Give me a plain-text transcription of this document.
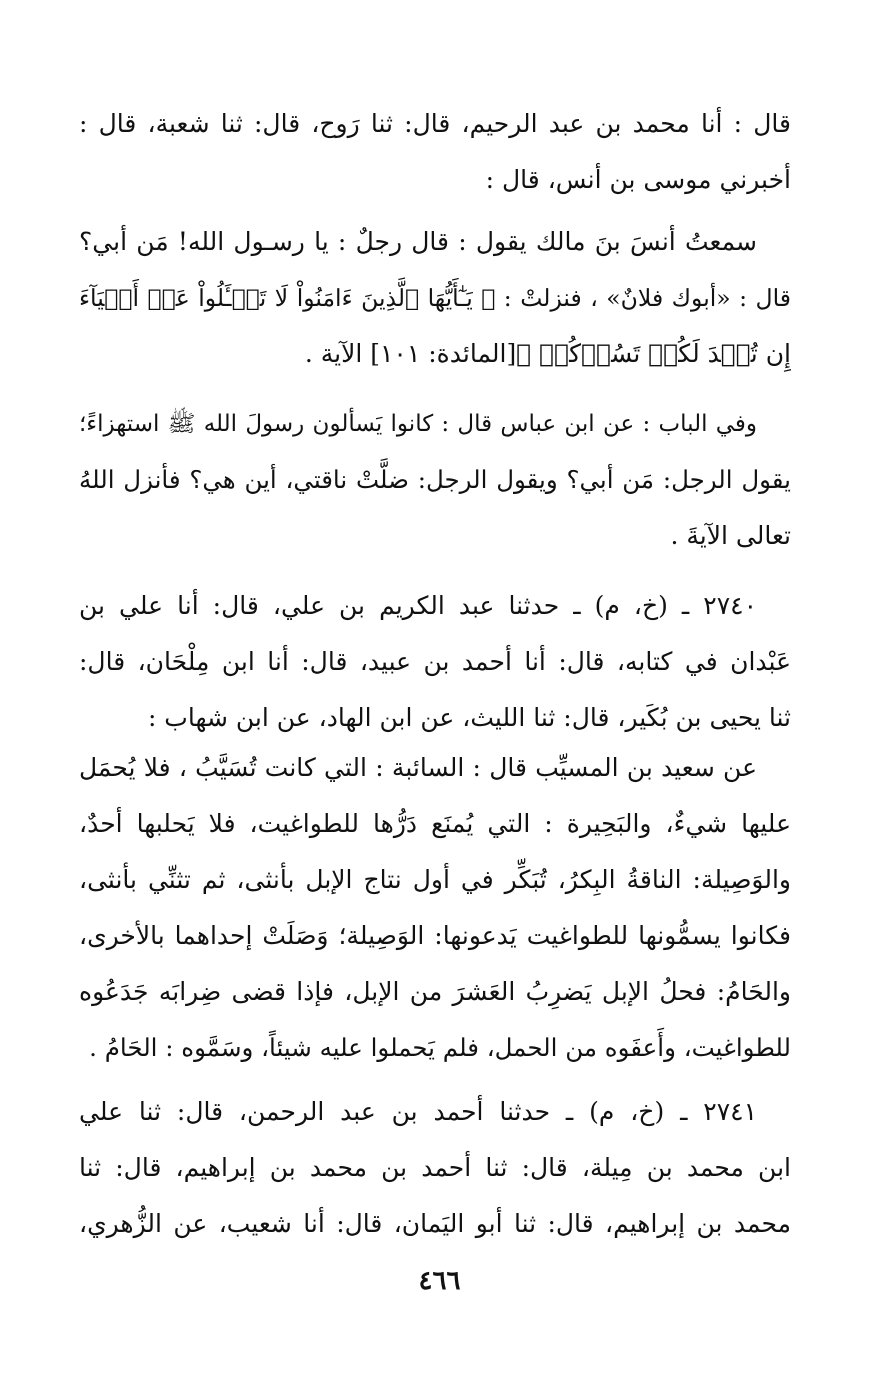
قال : أنا محمد بن عبد الرحيم، قال: ثنا رَوح، قال: ثنا شعبة، قال :
أخبرني موسى بن أنس، قال :
سمعتُ أنسَ بنَ مالك يقول : قال رجلٌ : يا رسـول الله! مَن أبي؟
قال : «أبوك فلانٌ» ، فنزلتْ : ﴿ يَـٰٓأَيُّهَا ٱلَّذِينَ ءَامَنُواْ لَا تَسۡـَٔلُواْ عَنۡ أَشۡيَآءَ
إِن تُبۡدَ لَكُمۡ تَسُؤۡكُمۡ ﴾[المائدة: ١٠١] الآية .
وفي الباب : عن ابن عباس قال : كانوا يَسألون رسولَ الله ﷺ استهزاءً؛
يقول الرجل: مَن أبي؟ ويقول الرجل: ضلَّتْ ناقتي، أين هي؟ فأنزل اللهُ
تعالى الآيةَ .
٢٧٤٠ ـ (خ، م) ـ حدثنا عبد الكريم بن علي، قال: أنا علي بن
عَبْدان في كتابه، قال: أنا أحمد بن عبيد، قال: أنا ابن مِلْحَان، قال:
ثنا يحيى بن بُكَير، قال: ثنا الليث، عن ابن الهاد، عن ابن شهاب :
عن سعيد بن المسيِّب قال : السائبة : التي كانت تُسَيَّبُ ، فلا يُحمَل
عليها شيءٌ، والبَحِيرة : التي يُمنَع دَرُّها للطواغيت، فلا يَحلبها أحدٌ،
والوَصِيلة: الناقةُ البِكرُ، تُبَكِّر في أول نتاج الإبل بأنثى، ثم تثنِّي بأنثى،
فكانوا يسمُّونها للطواغيت يَدعونها: الوَصِيلة؛ وَصَلَتْ إحداهما بالأخرى،
والحَامُ: فحلُ الإبل يَضرِبُ العَشرَ من الإبل، فإذا قضى ضِرابَه جَدَعُوه
للطواغيت، وأَعفَوه من الحمل، فلم يَحملوا عليه شيئاً، وسَمَّوه : الحَامُ .
٢٧٤١ ـ (خ، م) ـ حدثنا أحمد بن عبد الرحمن، قال: ثنا علي
ابن محمد بن مِيلة، قال: ثنا أحمد بن محمد بن إبراهيم، قال: ثنا
محمد بن إبراهيم، قال: ثنا أبو اليَمان، قال: أنا شعيب، عن الزُّهري،
٤٦٦
